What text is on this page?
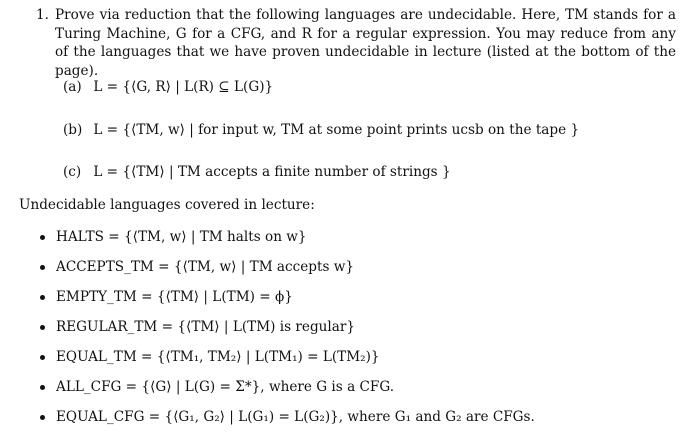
1. Prove via reduction that the following languages are undecidable. Here, TM stands for a Turing Machine, G for a CFG, and R for a regular expression. You may reduce from any of the languages that we have proven undecidable in lecture (listed at the bottom of the page).
(a) L = {⟨G, R⟩ | L(R) ⊆ L(G)}
(b) L = {⟨TM, w⟩ | for input w, TM at some point prints ucsb on the tape }
(c) L = {⟨TM⟩ | TM accepts a finite number of strings }
Undecidable languages covered in lecture:
HALTS = {⟨TM, w⟩ | TM halts on w}
ACCEPTS_TM = {⟨TM, w⟩ | TM accepts w}
EMPTY_TM = {⟨TM⟩ | L(TM) = ϕ}
REGULAR_TM = {⟨TM⟩ | L(TM) is regular}
EQUAL_TM = {⟨TM₁, TM₂⟩ | L(TM₁) = L(TM₂)}
ALL_CFG = {⟨G⟩ | L(G) = Σ*}, where G is a CFG.
EQUAL_CFG = {⟨G₁, G₂⟩ | L(G₁) = L(G₂)}, where G₁ and G₂ are CFGs.
